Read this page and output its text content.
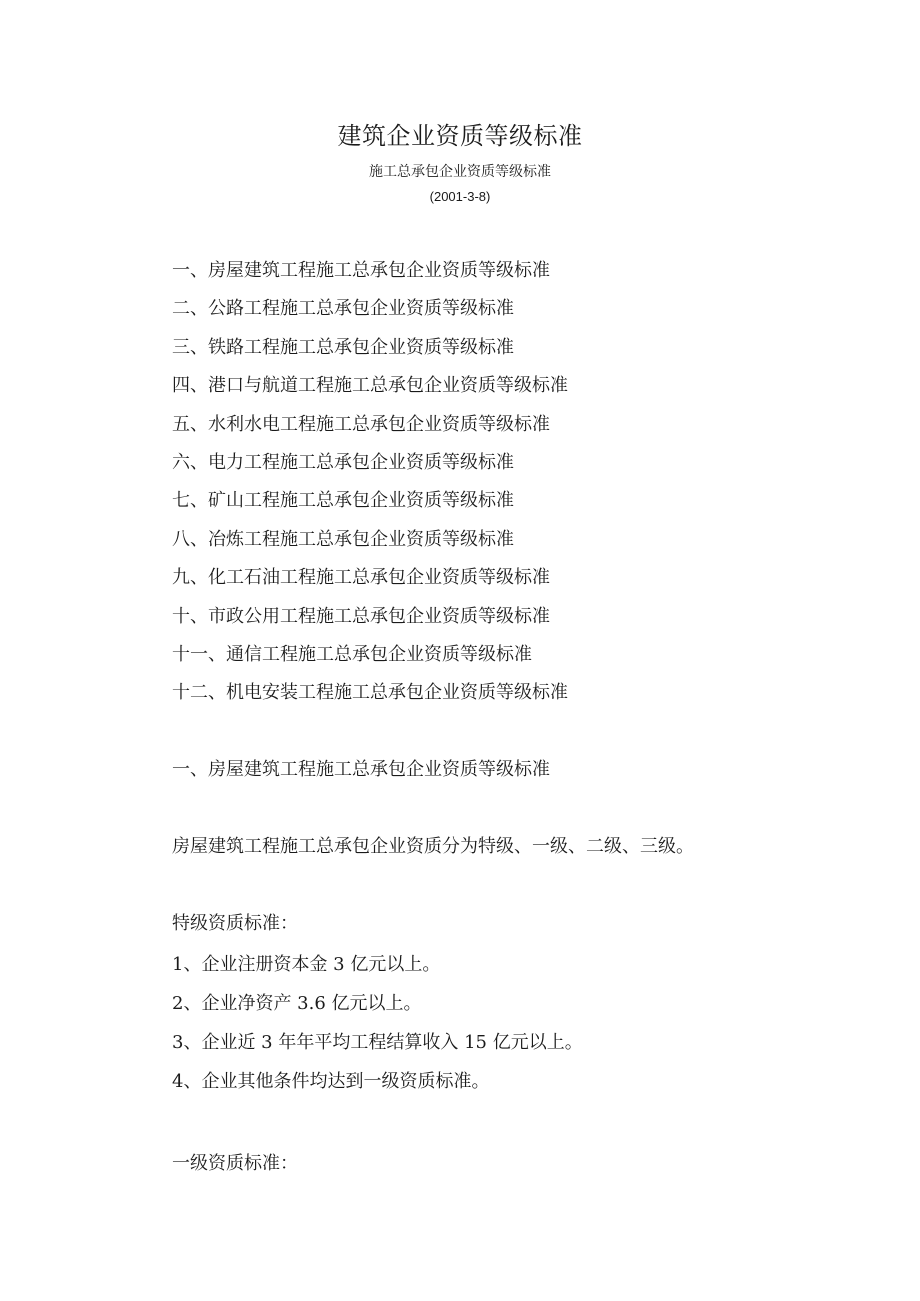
建筑企业资质等级标准
施工总承包企业资质等级标准
(2001-3-8)
一、房屋建筑工程施工总承包企业资质等级标准
二、公路工程施工总承包企业资质等级标准
三、铁路工程施工总承包企业资质等级标准
四、港口与航道工程施工总承包企业资质等级标准
五、水利水电工程施工总承包企业资质等级标准
六、电力工程施工总承包企业资质等级标准
七、矿山工程施工总承包企业资质等级标准
八、冶炼工程施工总承包企业资质等级标准
九、化工石油工程施工总承包企业资质等级标准
十、市政公用工程施工总承包企业资质等级标准
十一、通信工程施工总承包企业资质等级标准
十二、机电安装工程施工总承包企业资质等级标准
一、房屋建筑工程施工总承包企业资质等级标准
房屋建筑工程施工总承包企业资质分为特级、一级、二级、三级。
特级资质标准：
1、企业注册资本金 3 亿元以上。
2、企业净资产 3.6 亿元以上。
3、企业近 3 年年平均工程结算收入 15 亿元以上。
4、企业其他条件均达到一级资质标准。
一级资质标准：
